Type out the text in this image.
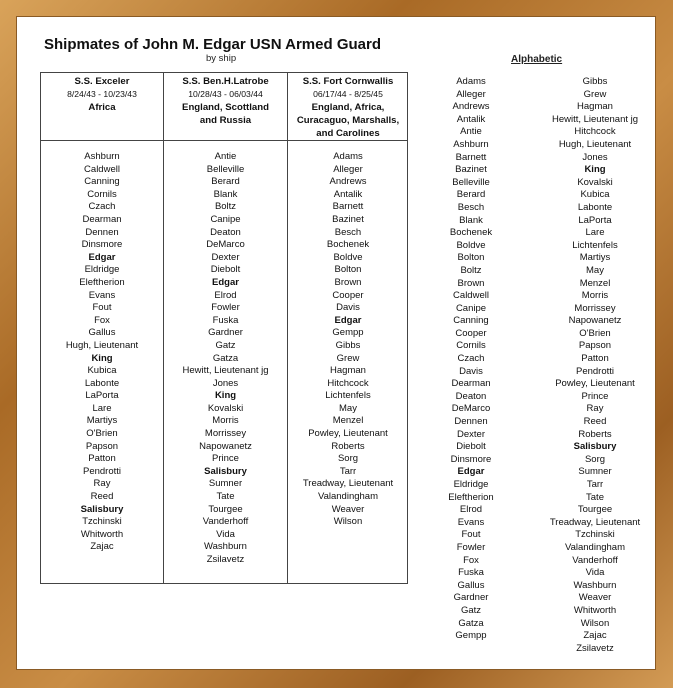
Shipmates of John M. Edgar USN Armed Guard
by ship	Alphabetic
S.S. Exceler
8/24/43 - 10/23/43
Africa
S.S. Ben.H.Latrobe
10/28/43 - 06/03/44
England, Scottland
and Russia
S.S. Fort Cornwallis
06/17/44 - 8/25/45
England, Africa,
Curacaguo, Marshalls,
and Carolines
Ashburn
Caldwell
Canning
Cornils
Czach
Dearman
Dennen
Dinsmore
Edgar
Eldridge
Eleftherion
Evans
Fout
Fox
Gallus
Hugh, Lieutenant
King
Kubica
Labonte
LaPorta
Lare
Martiys
O'Brien
Papson
Patton
Pendrotti
Ray
Reed
Salisbury
Tzchinski
Whitworth
Zajac
Antie
Belleville
Berard
Blank
Boltz
Canipe
Deaton
DeMarco
Dexter
Diebolt
Edgar
Elrod
Fowler
Fuska
Gardner
Gatz
Gatza
Hewitt, Lieutenant jg
Jones
King
Kovalski
Morris
Morrissey
Napowanetz
Prince
Salisbury
Sumner
Tate
Tourgee
Vanderhoff
Vida
Washburn
Zsilavetz
Adams
Alleger
Andrews
Antalik
Barnett
Bazinet
Besch
Bochenek
Boldve
Bolton
Brown
Cooper
Davis
Edgar
Gempp
Gibbs
Grew
Hagman
Hitchcock
Lichtenfels
May
Menzel
Powley, Lieutenant
Roberts
Sorg
Tarr
Treadway, Lieutenant
Valandingham
Weaver
Wilson
Adams
Alleger
Andrews
Antalik
Antie
Ashburn
Barnett
Bazinet
Belleville
Berard
Besch
Blank
Bochenek
Boldve
Bolton
Boltz
Brown
Caldwell
Canipe
Canning
Cooper
Cornils
Czach
Davis
Dearman
Deaton
DeMarco
Dennen
Dexter
Diebolt
Dinsmore
Edgar
Eldridge
Eleftherion
Elrod
Evans
Fout
Fowler
Fox
Fuska
Gallus
Gardner
Gatz
Gatza
Gempp
Gibbs
Grew
Hagman
Hewitt, Lieutenant jg
Hitchcock
Hugh, Lieutenant
Jones
King
Kovalski
Kubica
Labonte
LaPorta
Lare
Lichtenfels
Martiys
May
Menzel
Morris
Morrissey
Napowanetz
O'Brien
Papson
Patton
Pendrotti
Powley, Lieutenant
Prince
Ray
Reed
Roberts
Salisbury
Sorg
Sumner
Tarr
Tate
Tourgee
Treadway, Lieutenant
Tzchinski
Valandingham
Vanderhoff
Vida
Washburn
Weaver
Whitworth
Wilson
Zajac
Zsilavetz
